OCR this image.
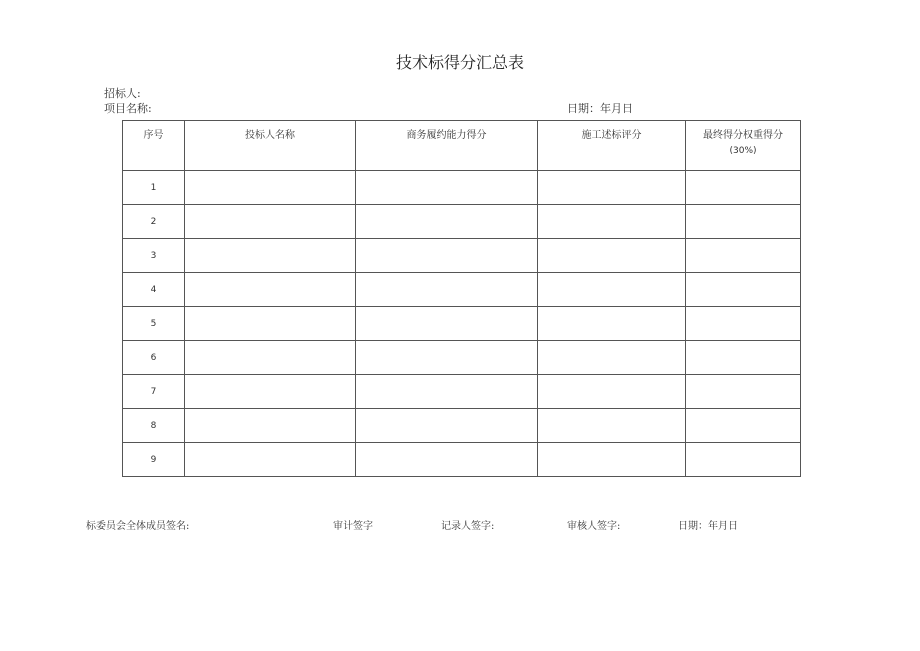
技术标得分汇总表
招标人:
项目名称:	日期：年月日
序号	投标人名称	商务履约能力得分	施工述标评分	最终得分权重得分
(30%)
1				
2				
3				
4				
5				
6				
7				
8				
9				
标委员会全体成员签名:	审计签字	记录人签字:	审核人签字:	日期：年月日
